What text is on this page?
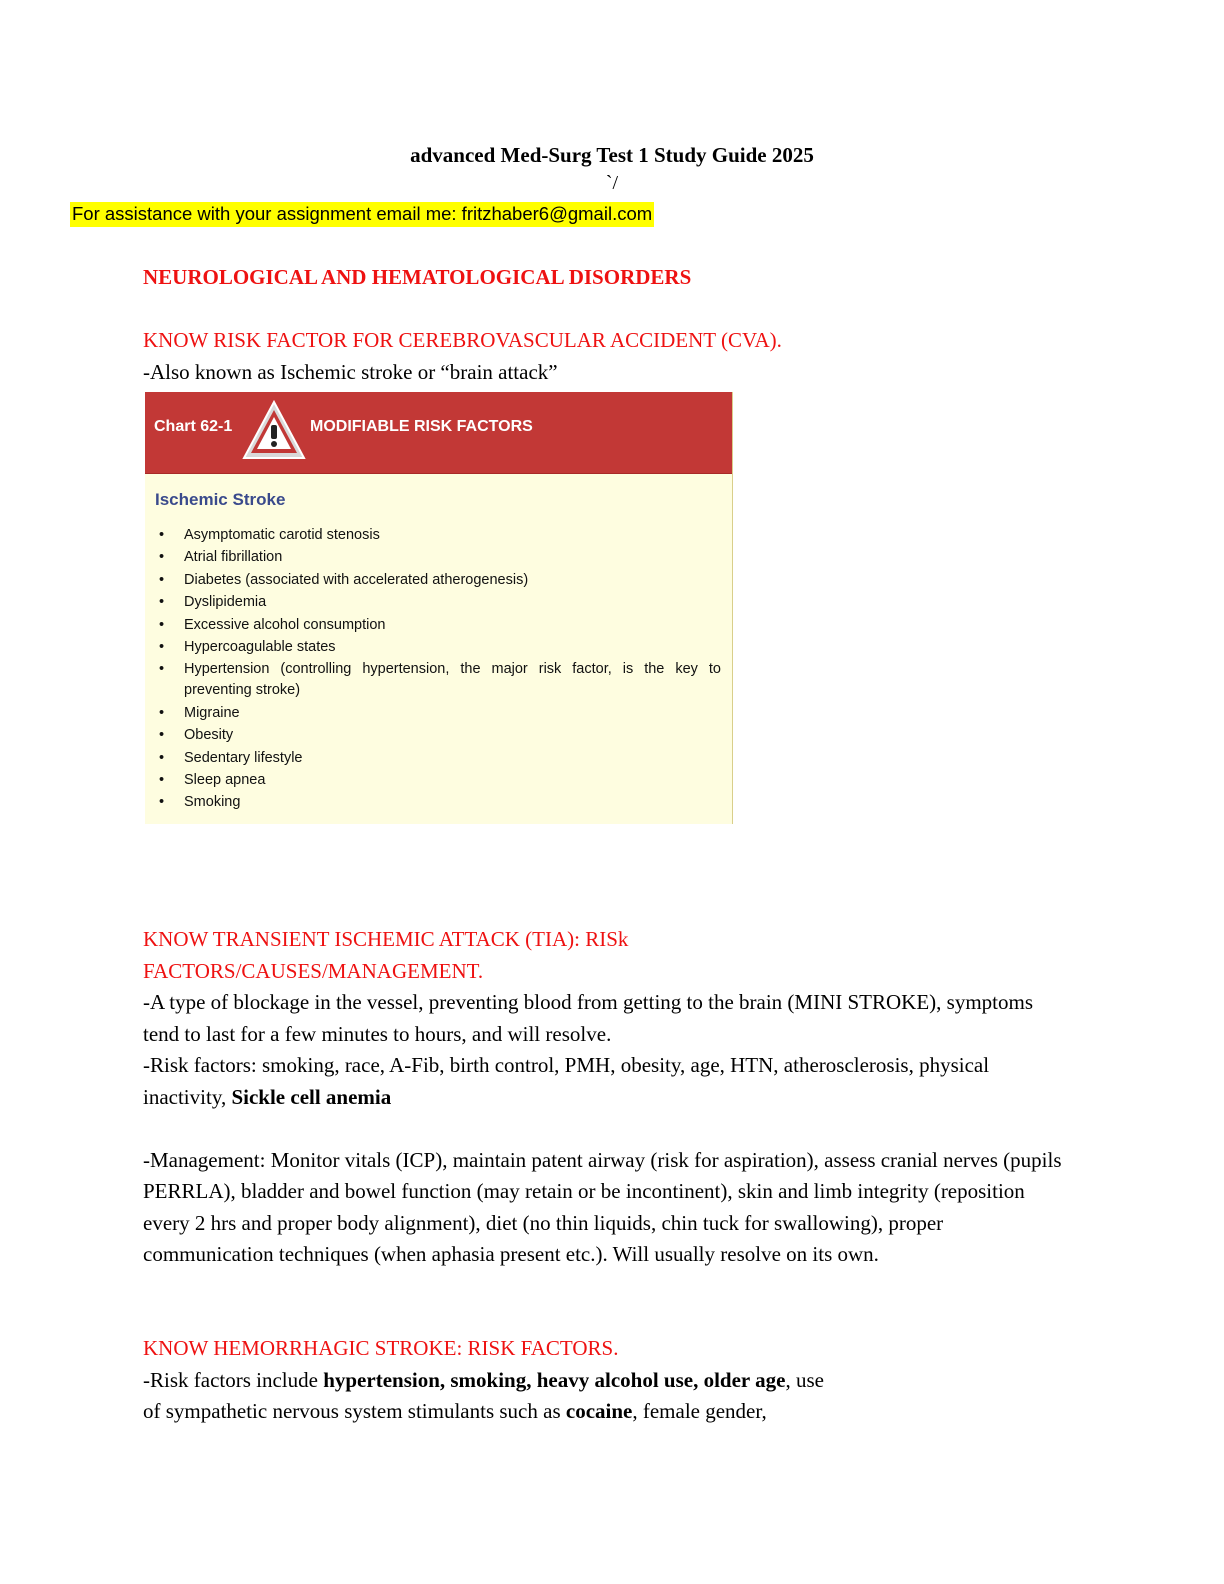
advanced Med-Surg Test 1 Study Guide 2025
`/
For assistance with your assignment email me: fritzhaber6@gmail.com
NEUROLOGICAL AND HEMATOLOGICAL DISORDERS

KNOW RISK FACTOR FOR CEREBROVASCULAR ACCIDENT (CVA).

-Also known as Ischemic stroke or “brain attack”

Chart 62-1	MODIFIABLE RISK FACTORS
Ischemic Stroke
• Asymptomatic carotid stenosis
• Atrial fibrillation
• Diabetes (associated with accelerated atherogenesis)
• Dyslipidemia
• Excessive alcohol consumption
• Hypercoagulable states
• Hypertension (controlling hypertension, the major risk factor, is the key to preventing stroke)
• Migraine
• Obesity
• Sedentary lifestyle
• Sleep apnea
• Smoking

KNOW TRANSIENT ISCHEMIC ATTACK (TIA): RISk

FACTORS/CAUSES/MANAGEMENT.

-A type of blockage in the vessel, preventing blood from getting to the brain (MINI STROKE), symptoms tend to last for a few minutes to hours, and will resolve.

-Risk factors: smoking, race, A-Fib, birth control, PMH, obesity, age, HTN, atherosclerosis, physical inactivity, Sickle cell anemia

-Management: Monitor vitals (ICP), maintain patent airway (risk for aspiration), assess cranial nerves (pupils PERRLA), bladder and bowel function (may retain or be incontinent), skin and limb integrity (reposition every 2 hrs and proper body alignment), diet (no thin liquids, chin tuck for swallowing), proper communication techniques (when aphasia present etc.). Will usually resolve on its own.

KNOW HEMORRHAGIC STROKE: RISK FACTORS.

-Risk factors include hypertension, smoking, heavy alcohol use, older age, use

of sympathetic nervous system stimulants such as cocaine, female gender,
